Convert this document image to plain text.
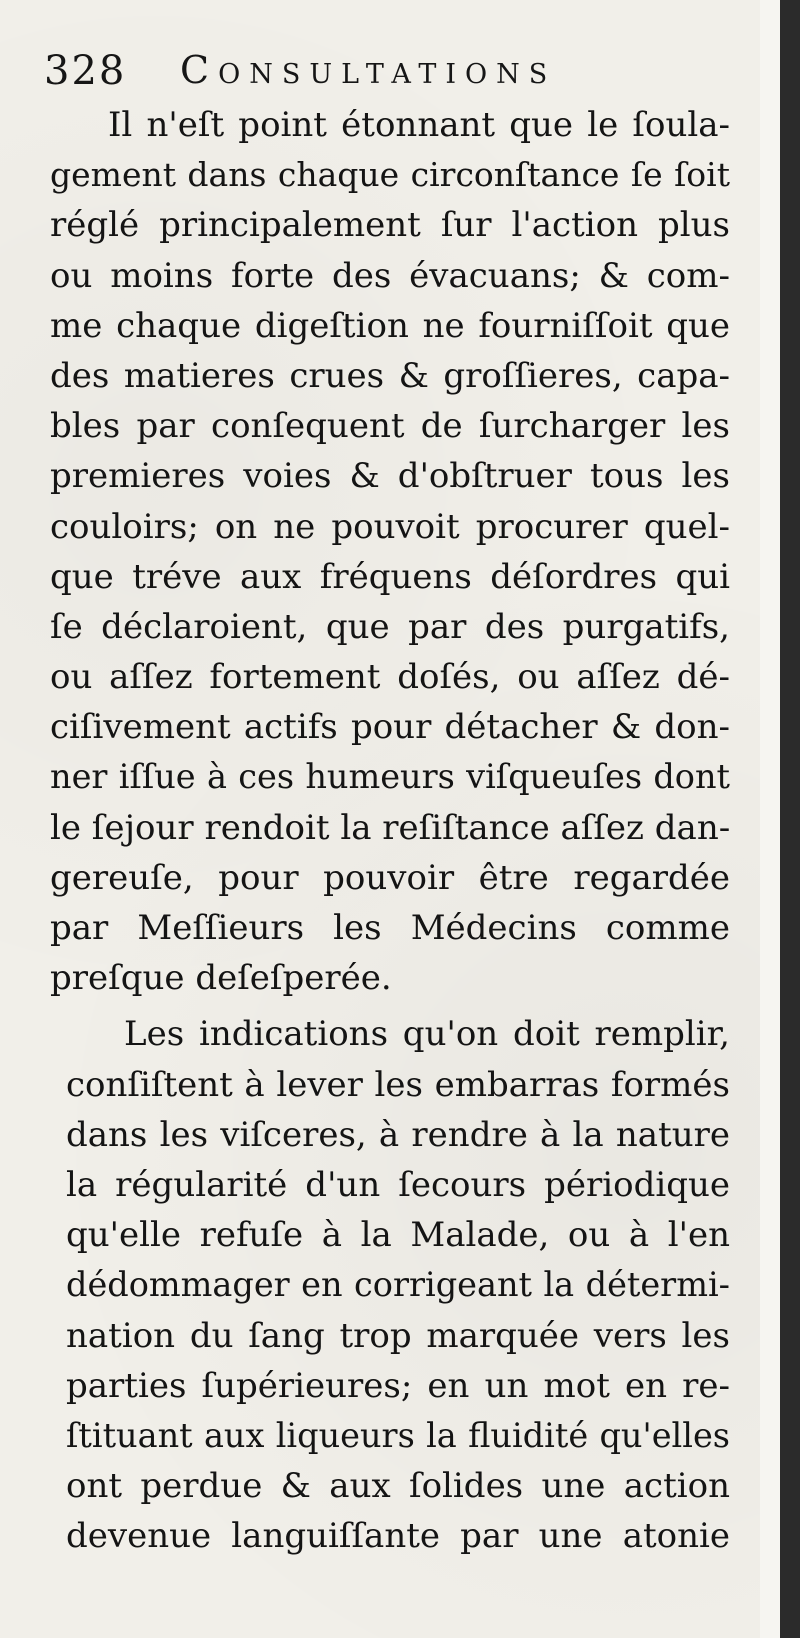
328 Consultations
Il n'eſt point étonnant que le ſoula-
gement dans chaque circonſtance ſe ſoit
réglé principalement ſur l'action plus
ou moins forte des évacuans; & com-
me chaque digeſtion ne fourniſſoit que
des matieres crues & groſſieres, capa-
bles par conſequent de ſurcharger les
premieres voies & d'obſtruer tous les
couloirs; on ne pouvoit procurer quel-
que tréve aux fréquens déſordres qui
ſe déclaroient, que par des purgatifs,
ou aſſez fortement doſés, ou aſſez dé-
ciſivement actifs pour détacher & don-
ner iſſue à ces humeurs viſqueuſes dont
le ſejour rendoit la reſiſtance aſſez dan-
gereuſe, pour pouvoir être regardée
par Meſſieurs les Médecins comme
preſque deſeſperée.
Les indications qu'on doit remplir,
conſiſtent à lever les embarras formés
dans les viſceres, à rendre à la nature
la régularité d'un ſecours périodique
qu'elle refuſe à la Malade, ou à l'en
dédommager en corrigeant la détermi-
nation du ſang trop marquée vers les
parties ſupérieures; en un mot en re-
ſtituant aux liqueurs la fluidité qu'elles
ont perdue & aux ſolides une action
devenue languiſſante par une atonie
